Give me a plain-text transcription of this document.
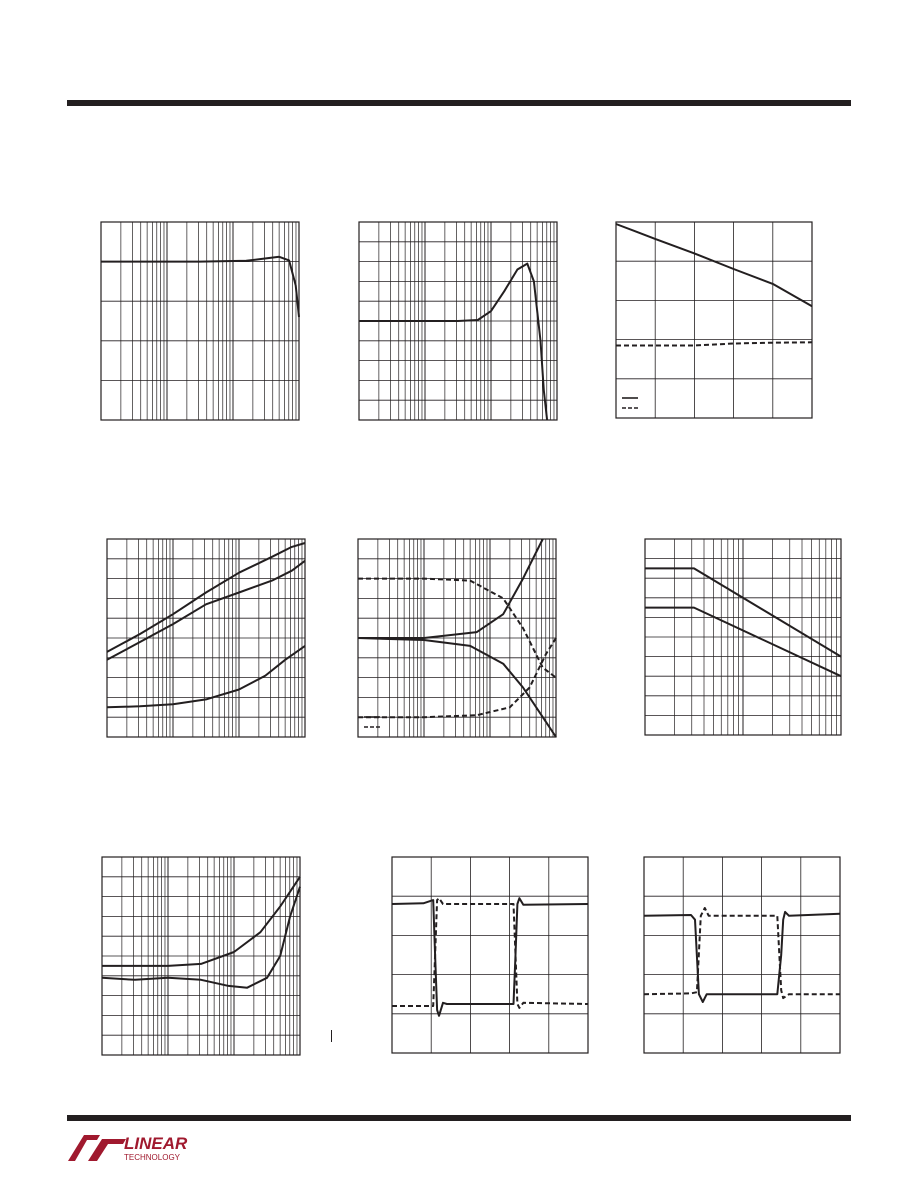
LINEAR
TECHNOLOGY
